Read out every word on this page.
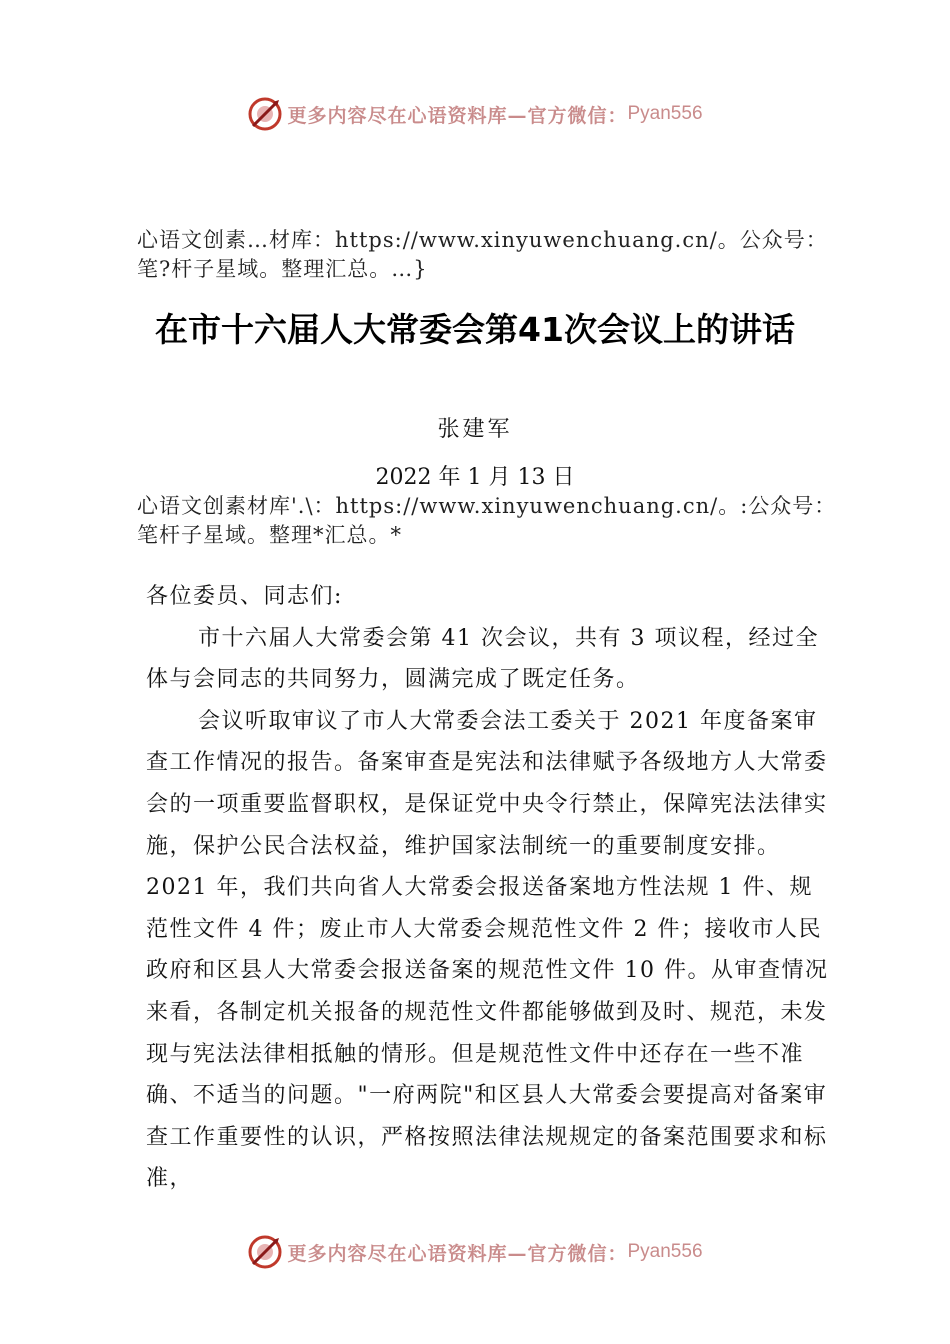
更多内容尽在心语资料库—官方微信： Pyan556
心语文创素…材库：https://www.xinyuwenchuang.cn/。公众号：笔?杆子星域。整理汇总。…}
在市十六届人大常委会第41次会议上的讲话
张建军
2022 年 1 月 13 日
心语文创素材库'.\：https://www.xinyuwenchuang.cn/。:公众号：笔杆子星域。整理*汇总。*

各位委员、同志们:

市十六届人大常委会第 41 次会议，共有 3 项议程，经过全体与会同志的共同努力，圆满完成了既定任务。

会议听取审议了市人大常委会法工委关于 2021 年度备案审查工作情况的报告。备案审查是宪法和法律赋予各级地方人大常委会的一项重要监督职权，是保证党中央令行禁止，保障宪法法律实施，保护公民合法权益，维护国家法制统一的重要制度安排。2021 年，我们共向省人大常委会报送备案地方性法规 1 件、规范性文件 4 件；废止市人大常委会规范性文件 2 件；接收市人民政府和区县人大常委会报送备案的规范性文件 10 件。从审查情况来看，各制定机关报备的规范性文件都能够做到及时、规范，未发现与宪法法律相抵触的情形。但是规范性文件中还存在一些不准确、不适当的问题。"一府两院"和区县人大常委会要提高对备案审查工作重要性的认识，严格按照法律法规规定的备案范围要求和标准，

更多内容尽在心语资料库—官方微信： Pyan556
